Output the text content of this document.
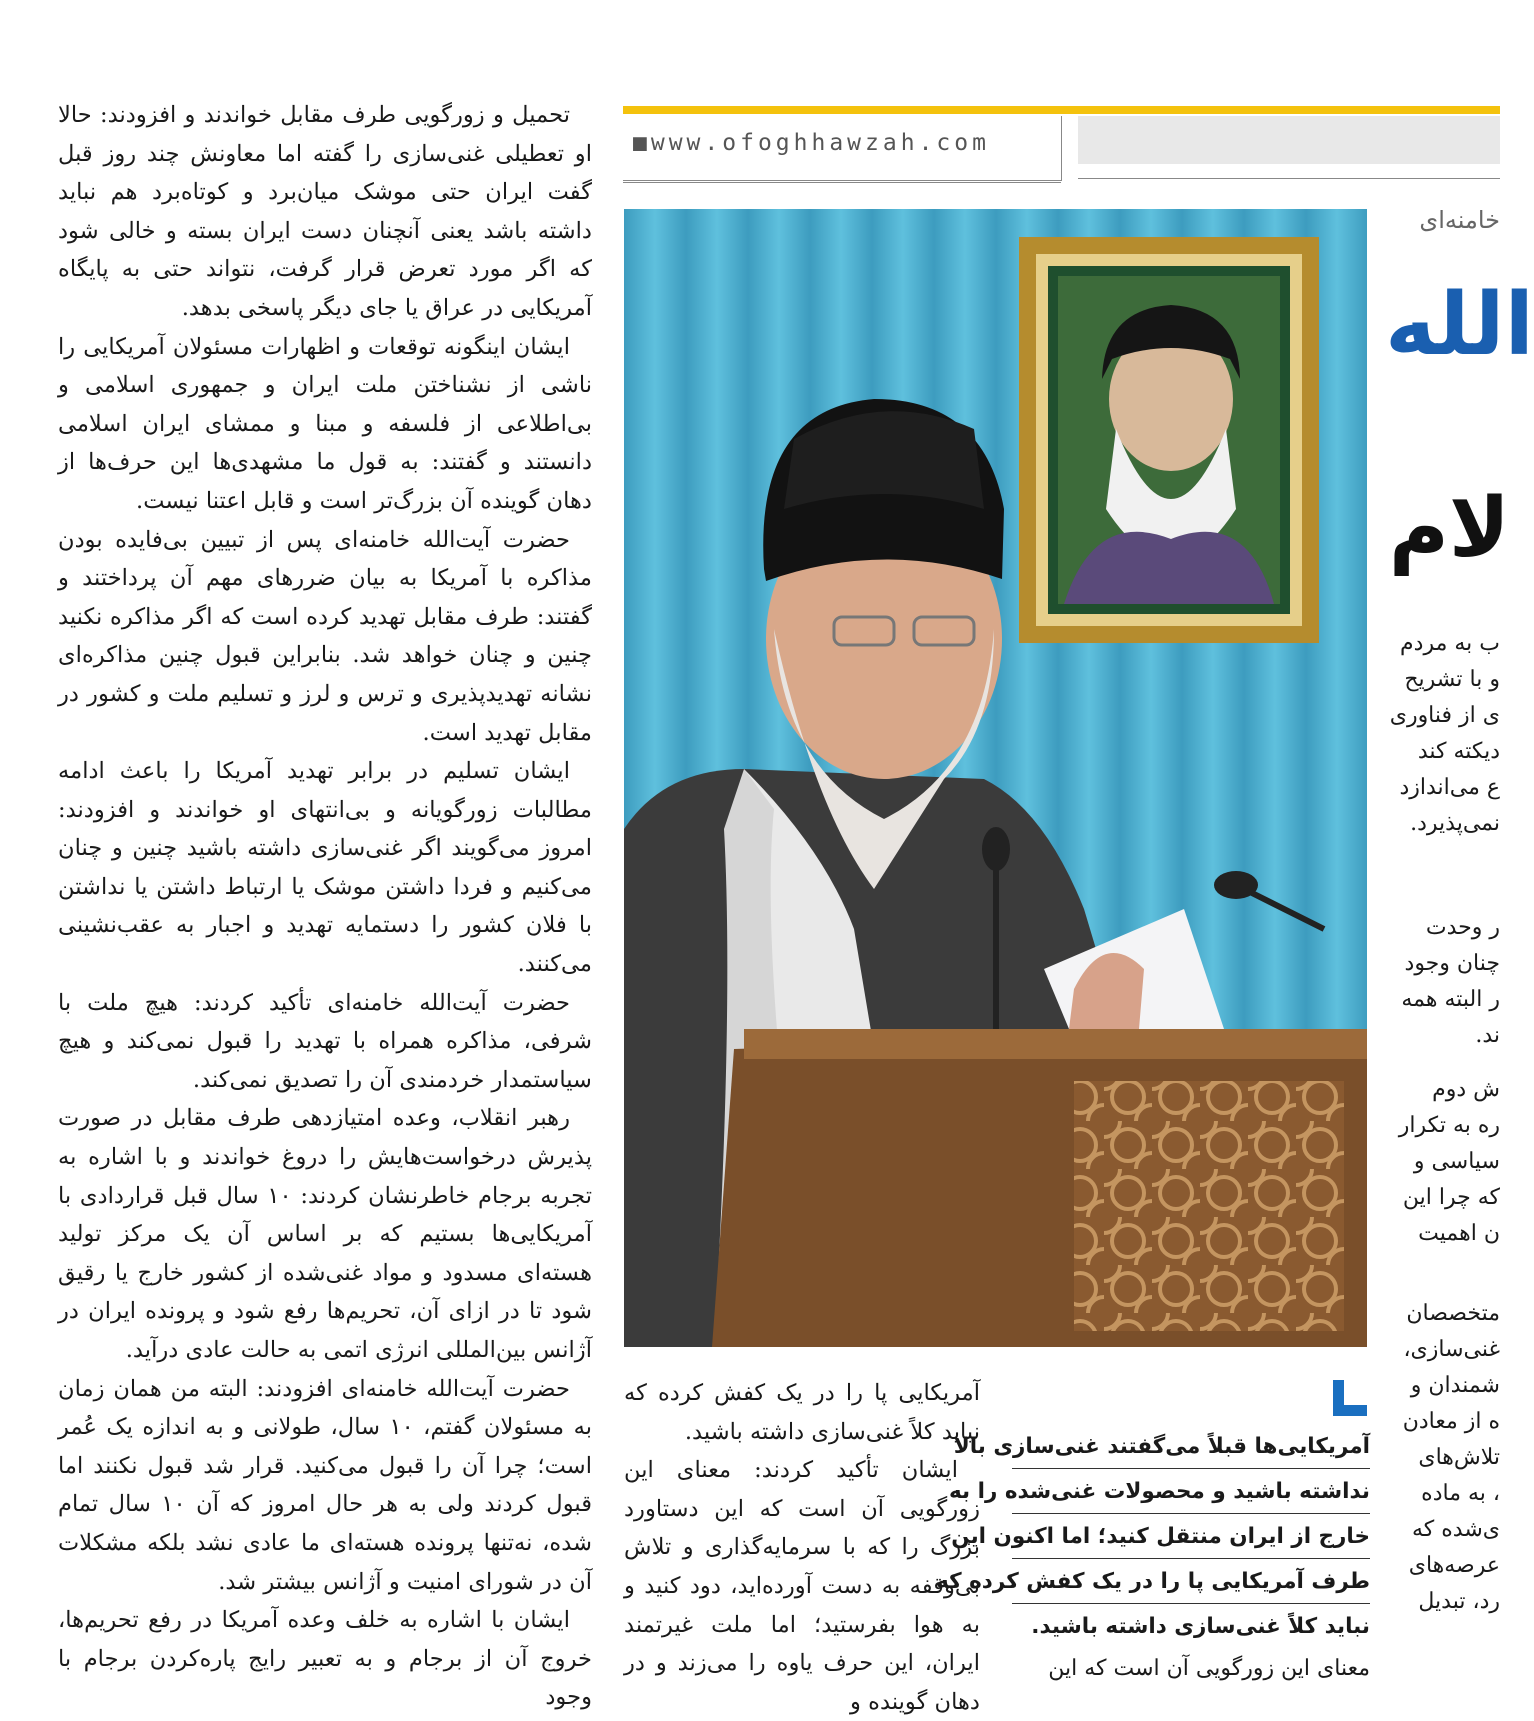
تحمیل و زورگویی طرف مقابل خواندند و افزودند: حالا او تعطیلی غنی‌سازی را گفته اما معاونش چند روز قبل گفت ایران حتی موشک میان‌برد و کوتاه‌برد هم نباید داشته باشد یعنی آنچنان دست ایران بسته و خالی شود که اگر مورد تعرض قرار گرفت، نتواند حتی به پایگاه آمریکایی در عراق یا جای دیگر پاسخی بدهد.

ایشان اینگونه توقعات و اظهارات مسئولان آمریکایی را ناشی از نشناختن ملت ایران و جمهوری اسلامی و بی‌اطلاعی از فلسفه و مبنا و ممشای ایران اسلامی دانستند و گفتند: به قول ما مشهدی‌ها این حرف‌ها از دهان گوینده آن بزرگ‌تر است و قابل اعتنا نیست.

حضرت آیت‌الله خامنه‌ای پس از تبیین بی‌فایده بودن مذاکره با آمریکا به بیان ضررهای مهم آن پرداختند و گفتند: طرف مقابل تهدید کرده است که اگر مذاکره نکنید چنین و چنان خواهد شد. بنابراین قبول چنین مذاکره‌ای نشانه تهدیدپذیری و ترس و لرز و تسلیم ملت و کشور در مقابل تهدید است.

ایشان تسلیم در برابر تهدید آمریکا را باعث ادامه مطالبات زورگویانه و بی‌انتهای او خواندند و افزودند: امروز می‌گویند اگر غنی‌سازی داشته باشید چنین و چنان می‌کنیم و فردا داشتن موشک یا ارتباط داشتن یا نداشتن با فلان کشور را دستمایه تهدید و اجبار به عقب‌نشینی می‌کنند.

حضرت آیت‌الله خامنه‌ای تأکید کردند: هیچ ملت با شرفی، مذاکره همراه با تهدید را قبول نمی‌کند و هیچ سیاستمدار خردمندی آن را تصدیق نمی‌کند.

رهبر انقلاب، وعده امتیازدهی طرف مقابل در صورت پذیرش درخواست‌هایش را دروغ خواندند و با اشاره به تجربه برجام خاطرنشان کردند: ۱۰ سال قبل قراردادی با آمریکایی‌ها بستیم که بر اساس آن یک مرکز تولید هسته‌ای مسدود و مواد غنی‌شده از کشور خارج یا رقیق شود تا در ازای آن، تحریم‌ها رفع شود و پرونده ایران در آژانس بین‌المللی انرژی اتمی به حالت عادی درآید.

حضرت آیت‌الله خامنه‌ای افزودند: البته من همان زمان به مسئولان گفتم، ۱۰ سال، طولانی و به اندازه یک عُمر است؛ چرا آن را قبول می‌کنید. قرار شد قبول نکنند اما قبول کردند ولی به هر حال امروز که آن ۱۰ سال تمام شده، نه‌تنها پرونده هسته‌ای ما عادی نشد بلکه مشکلات آن در شورای امنیت و آژانس بیشتر شد.

ایشان با اشاره به خلف وعده آمریکا در رفع تحریم‌ها، خروج آن از برجام و به تعبیر رایج پاره‌کردن برجام با وجود

■www.ofoghhawzah.com

آمریکایی پا را در یک کفش کرده که نباید کلاً غنی‌سازی داشته باشید.

ایشان تأکید کردند: معنای این زورگویی آن است که این دستاورد بزرگ را که با سرمایه‌گذاری و تلاش بی‌وقفه به دست آورده‌اید، دود کنید و به هوا بفرستید؛ اما ملت غیرتمند ایران، این حرف یاوه را می‌زند و در دهان گوینده و

آمریکایی‌ها قبلاً می‌گفتند غنی‌سازی بالا
نداشته باشید و محصولات غنی‌شده را به
خارج از ایران منتقل کنید؛ اما اکنون این
طرف آمریکایی پا را در یک کفش کرده که
نباید کلاً غنی‌سازی داشته باشید.
معنای این زورگویی آن است که این
خامنه‌ای
الله
لام
ب به مردم
و با تشریح
ی از فناوری
دیکته کند
ع می‌اندازد
نمی‌پذیرد.
ر وحدت
چنان وجود
ر البته همه
ند.
ش دوم
ره به تکرار
سیاسی و
که چرا این
ن اهمیت
متخصصان
غنی‌سازی،
شمندان و
ه از معادن
تلاش‌های
، به ماده
ی‌شده که
عرصه‌های
رد، تبدیل
